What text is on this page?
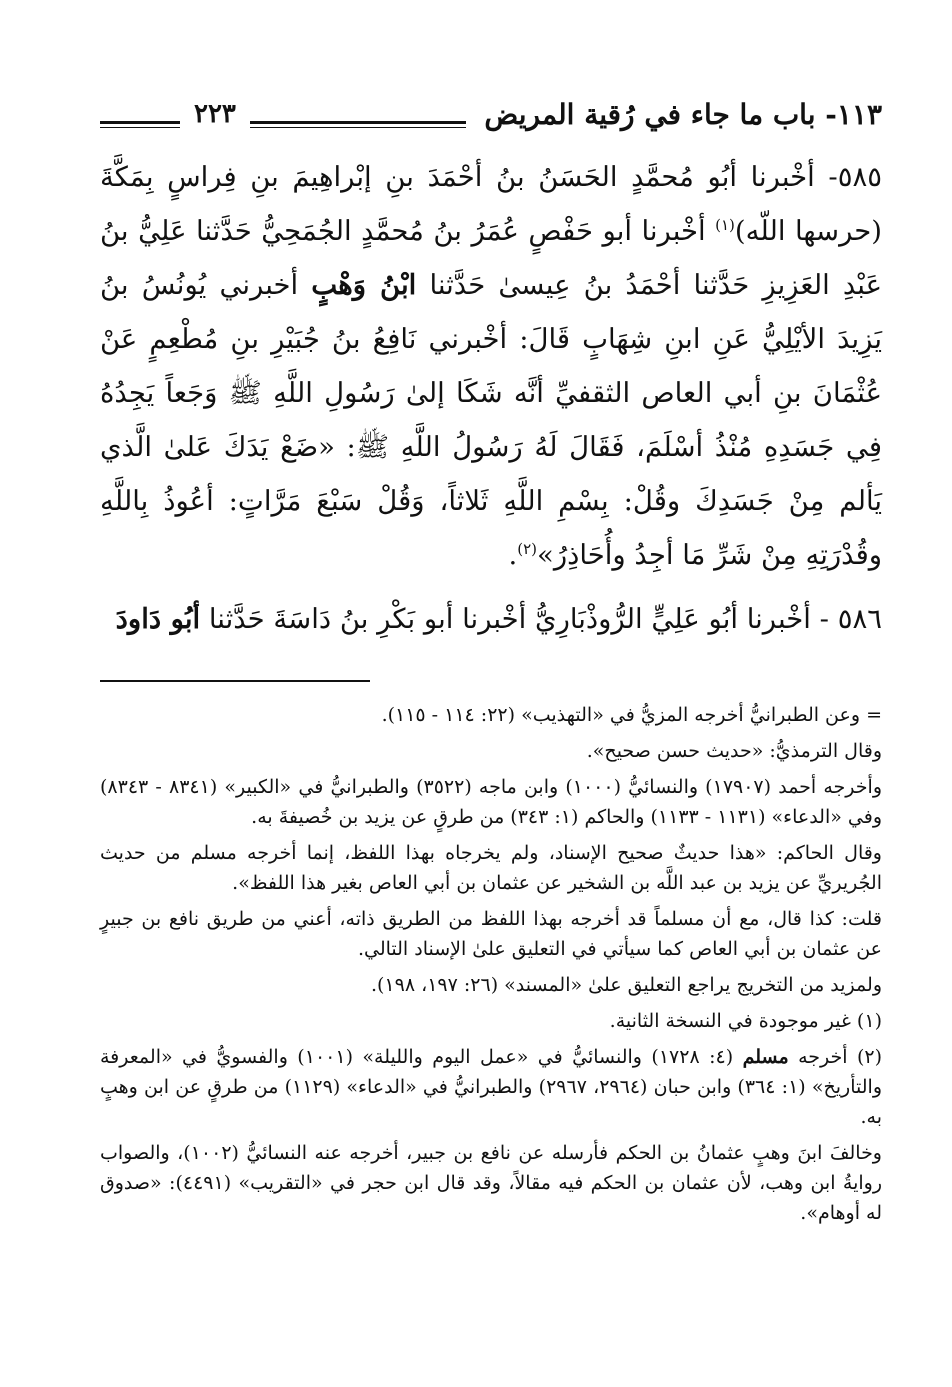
١١٣- باب ما جاء في رُقية المريض
٢٢٣

٥٨٥- أخْبرنا أبُو مُحمَّدٍ الحَسَنُ بنُ أحْمَدَ بنِ إبْراهِيمَ بنِ فِراسٍ بِمَكَّةَ (حرسها اللّه)$^{(١)}$ أخْبرنا أبو حَفْصٍ عُمَرُ بنُ مُحمَّدٍ الجُمَحِيُّ حَدَّثنا عَلِيُّ بنُ عَبْدِ العَزِيزِ حَدَّثنا أحْمَدُ بنُ عِيسىٰ حَدَّثنا ابْنُ وَهْبٍ أخبرني يُونُسُ بنُ يَزِيدَ الأيْلِيُّ عَنِ ابنِ شِهَابٍ قَالَ: أخْبرني نَافِعُ بنُ جُبَيْرِ بنِ مُطْعِمٍ عَنْ عُثْمَانَ بنِ أبي العاص الثقفيِّ أنَّه شَكَا إلىٰ رَسُولِ اللَّهِ ﷺ وَجَعاً يَجِدُهُ فِي جَسَدِهِ مُنْذُ أسْلَمَ، فَقَالَ لَهُ رَسُولُ اللَّهِ ﷺ: «ضَعْ يَدَكَ عَلىٰ الَّذي يَألم مِنْ جَسَدِكَ وقُلْ: بِسْمِ اللَّهِ ثَلاثاً، وَقُلْ سَبْعَ مَرَّاتٍ: أعُوذُ بِاللَّهِ وقُدْرَتِهِ مِنْ شَرِّ مَا أجِدُ وأُحَاذِرُ»$^{(٢)}$.

٥٨٦ - أخْبرنا أبُو عَلِيٍّ الرُّوذْبَارِيُّ أخْبرنا أبو بَكْرِ بنُ دَاسَةَ حَدَّثنا أبُو دَاودَ

= وعن الطبرانيُّ أخرجه المزيُّ في «التهذيب» (٢٢: ١١٤ - ١١٥).

وقال الترمذيُّ: «حديث حسن صحيح».

وأخرجه أحمد (١٧٩٠٧) والنسائيُّ (١٠٠٠) وابن ماجه (٣٥٢٢) والطبرانيُّ في «الكبير» (٨٣٤١ - ٨٣٤٣) وفي «الدعاء» (١١٣١ - ١١٣٣) والحاكم (١: ٣٤٣) من طرقٍ عن يزيد بن خُصيفةَ به.

وقال الحاكم: «هذا حديثٌ صحيح الإسناد، ولم يخرجاه بهذا اللفظ، إنما أخرجه مسلم من حديث الجُريريِّ عن يزيد بن عبد اللَّه بن الشخير عن عثمان بن أبي العاص بغير هذا اللفظ».

قلت: كذا قال، مع أن مسلماً قد أخرجه بهذا اللفظ من الطريق ذاته، أعني من طريق نافع بن جبيرٍ عن عثمان بن أبي العاص كما سيأتي في التعليق علىٰ الإسناد التالي.

ولمزيد من التخريج يراجع التعليق علىٰ «المسند» (٢٦: ١٩٧، ١٩٨).

(١) غير موجودة في النسخة الثانية.

(٢) أخرجه مسلم (٤: ١٧٢٨) والنسائيُّ في «عمل اليوم والليلة» (١٠٠١) والفسويُّ في «المعرفة والتأريخ» (١: ٣٦٤) وابن حبان (٢٩٦٤، ٢٩٦٧) والطبرانيُّ في «الدعاء» (١١٢٩) من طرقٍ عن ابن وهبٍ به.

وخالفَ ابنَ وهبٍ عثمانُ بن الحكم فأرسله عن نافع بن جبير، أخرجه عنه النسائيُّ (١٠٠٢)، والصواب روايةُ ابن وهب، لأن عثمان بن الحكم فيه مقالاً، وقد قال ابن حجر في «التقريب» (٤٤٩١): «صدوق له أوهام».
